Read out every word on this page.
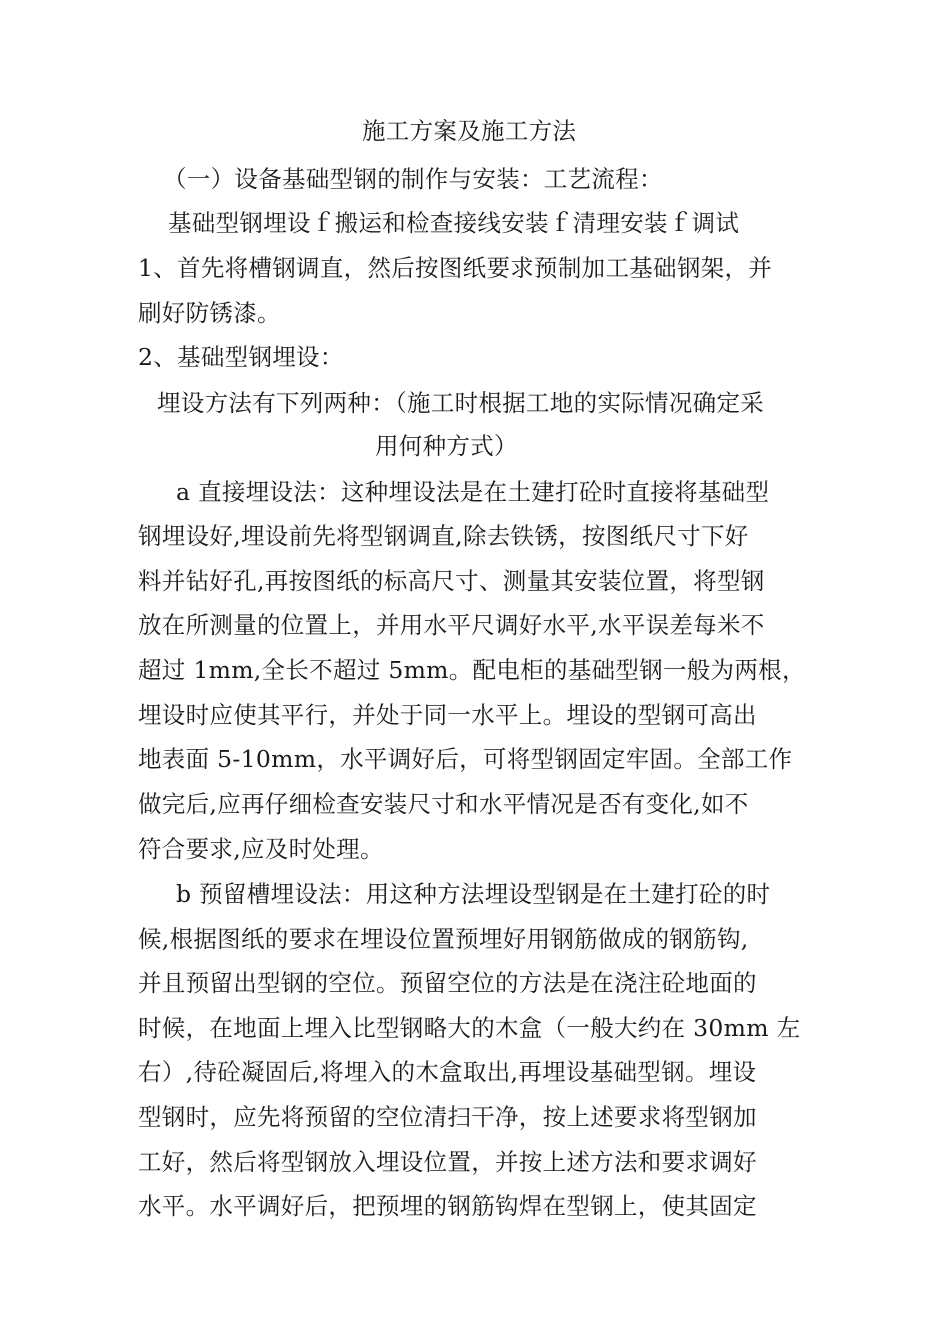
施工方案及施工方法
（一）设备基础型钢的制作与安装：工艺流程：
基础型钢埋设ｆ搬运和检查接线安装ｆ清理安装ｆ调试
1、首先将槽钢调直，然后按图纸要求预制加工基础钢架，并
刷好防锈漆。
2、基础型钢埋设：
埋设方法有下列两种：（施工时根据工地的实际情况确定采
用何种方式）
a 直接埋设法：这种埋设法是在土建打砼时直接将基础型
钢埋设好,埋设前先将型钢调直,除去铁锈，按图纸尺寸下好
料并钻好孔,再按图纸的标高尺寸、测量其安装位置，将型钢
放在所测量的位置上，并用水平尺调好水平,水平误差每米不
超过 1mm,全长不超过 5mm。配电柜的基础型钢一般为两根，
埋设时应使其平行，并处于同一水平上。埋设的型钢可高出
地表面 5-10mm，水平调好后，可将型钢固定牢固。全部工作
做完后,应再仔细检查安装尺寸和水平情况是否有变化,如不
符合要求,应及时处理。
b 预留槽埋设法：用这种方法埋设型钢是在土建打砼的时
候,根据图纸的要求在埋设位置预埋好用钢筋做成的钢筋钩,
并且预留出型钢的空位。预留空位的方法是在浇注砼地面的
时候，在地面上埋入比型钢略大的木盒（一般大约在 30mm 左
右）,待砼凝固后,将埋入的木盒取出,再埋设基础型钢。埋设
型钢时，应先将预留的空位清扫干净，按上述要求将型钢加
工好，然后将型钢放入埋设位置，并按上述方法和要求调好
水平。水平调好后，把预埋的钢筋钩焊在型钢上，使其固定
